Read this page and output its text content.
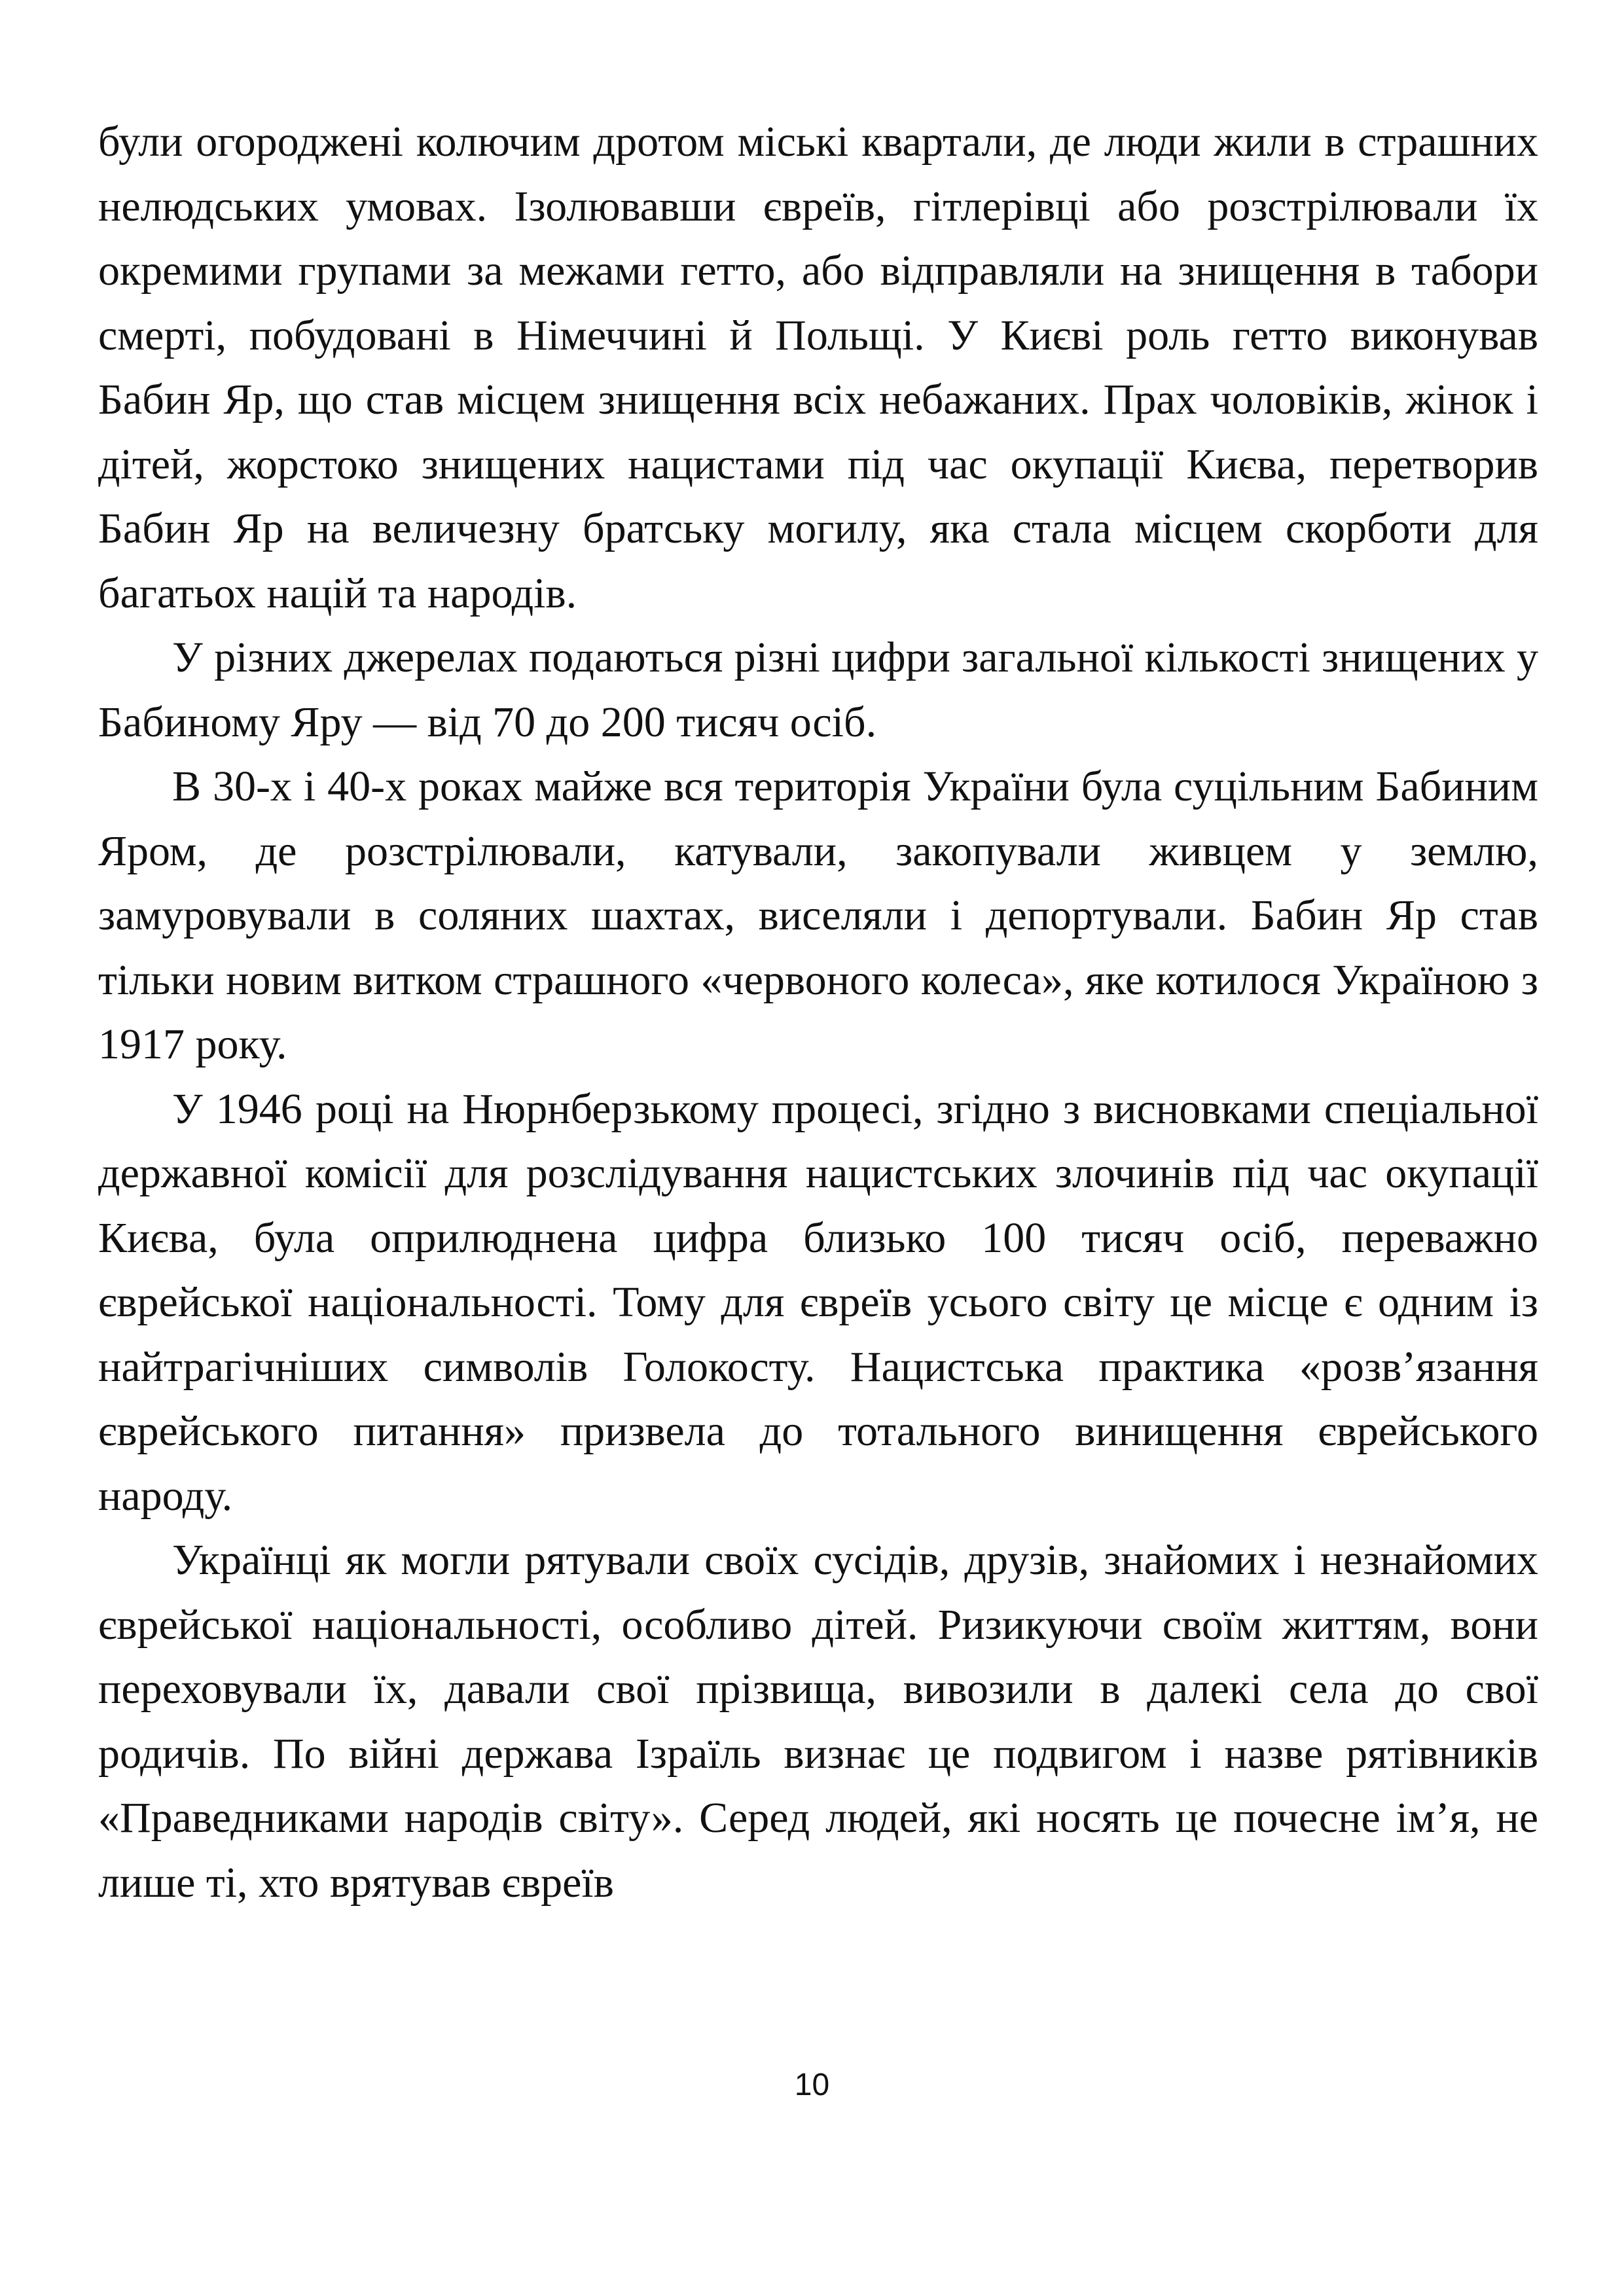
були огороджені колючим дротом міські квартали, де люди жили в страшних нелюдських умовах. Ізолювавши євреїв, гітлерівці або розстрілювали їх окремими групами за межами гетто, або відправляли на знищення в табори смерті, побудовані в Німеччині й Польщі. У Києві роль гетто виконував Бабин Яр, що став місцем знищення всіх небажаних. Прах чоловіків, жінок і дітей, жорстоко знищених нацистами під час окупації Києва, перетворив Бабин Яр на величезну братську могилу, яка стала місцем скорботи для багатьох націй та народів.

У різних джерелах подаються різні цифри загальної кількості знищених у Бабиному Яру — від 70 до 200 тисяч осіб.

В 30-х і 40-х роках майже вся територія України була суцільним Бабиним Яром, де розстрілювали, катували, закопували живцем у землю, замуровували в соляних шахтах, виселяли і депортували. Бабин Яр став тільки новим витком страшного «червоного колеса», яке котилося Україною з 1917 року.

У 1946 році на Нюрнберзькому процесі, згідно з висновками спеціальної державної комісії для розслідування нацистських злочинів під час окупації Києва, була оприлюднена цифра близько 100 тисяч осіб, переважно єврейської національності. Тому для євреїв усього світу це місце є одним із найтрагічніших символів Голокосту. Нацистська практика «розв’язання єврейського питання» призвела до тотального винищення єврейського народу.

Українці як могли рятували своїх сусідів, друзів, знайомих і незнайомих єврейської національності, особливо дітей. Ризикуючи своїм життям, вони переховували їх, давали свої прізвища, вивозили в далекі села до свої родичів. По війні держава Ізраїль визнає це подвигом і назве рятівників «Праведниками народів світу». Серед людей, які носять це почесне ім’я, не лише ті, хто врятував євреїв

10
